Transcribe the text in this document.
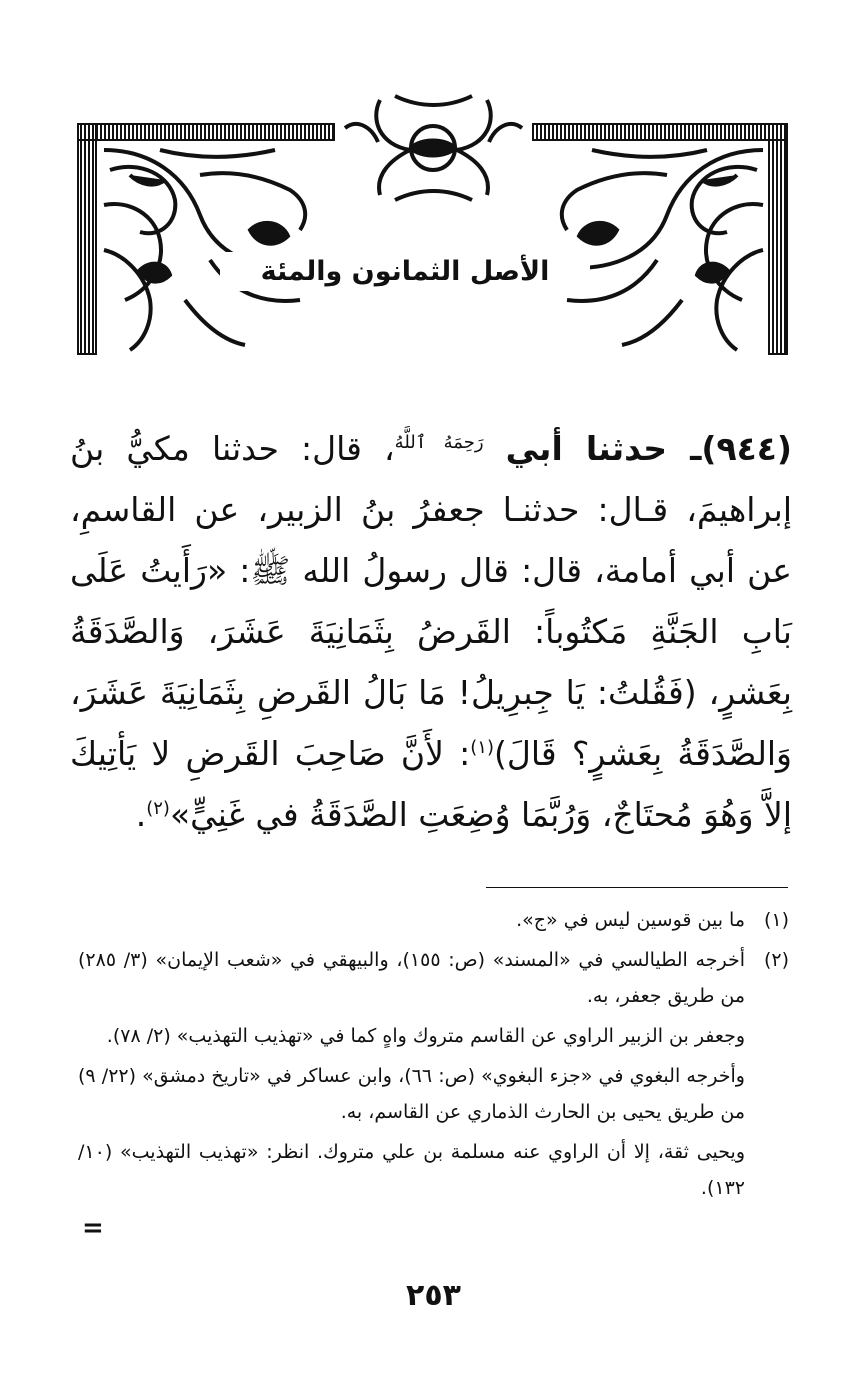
الأصل الثمانون والمئة
(٩٤٤)ـ حدثنا أبي $^{رَحِمَهُ ٱللَّهُ}$، قال: حدثنا مكيُّ بنُ إبراهيمَ، قـال: حدثنـا جعفرُ بنُ الزبير، عن القاسمِ، عن أبي أمامة، قال: قال رسولُ الله ﷺ: «رَأَيتُ عَلَى بَابِ الجَنَّةِ مَكتُوباً: القَرضُ بِثَمَانِيَةَ عَشَرَ، وَالصَّدَقَةُ بِعَشرٍ، (فَقُلتُ: يَا جِبرِيلُ! مَا بَالُ القَرضِ بِثَمَانِيَةَ عَشَرَ، وَالصَّدَقَةُ بِعَشرٍ؟ قَالَ)$^{(١)}$: لأَنَّ صَاحِبَ القَرضِ لا يَأتِيكَ إلاَّ وَهُوَ مُحتَاجٌ، وَرُبَّمَا وُضِعَتِ الصَّدَقَةُ في غَنِيٍّ»$^{(٢)}$.
(١)

ما بين قوسين ليس في «ج».

(٢)

أخرجه الطيالسي في «المسند» (ص: ١٥٥)، والبيهقي في «شعب الإيمان» (٣/ ٢٨٥) من طريق جعفر، به.

وجعفر بن الزبير الراوي عن القاسم متروك واهٍ كما في «تهذيب التهذيب» (٢/ ٧٨).

وأخرجه البغوي في «جزء البغوي» (ص: ٦٦)، وابن عساكر في «تاريخ دمشق» (٢٢/ ٩) من طريق يحيى بن الحارث الذماري عن القاسم، به.

ويحيى ثقة، إلا أن الراوي عنه مسلمة بن علي متروك. انظر: «تهذيب التهذيب» (١٠/ ١٣٢).

=
٢٥٣
